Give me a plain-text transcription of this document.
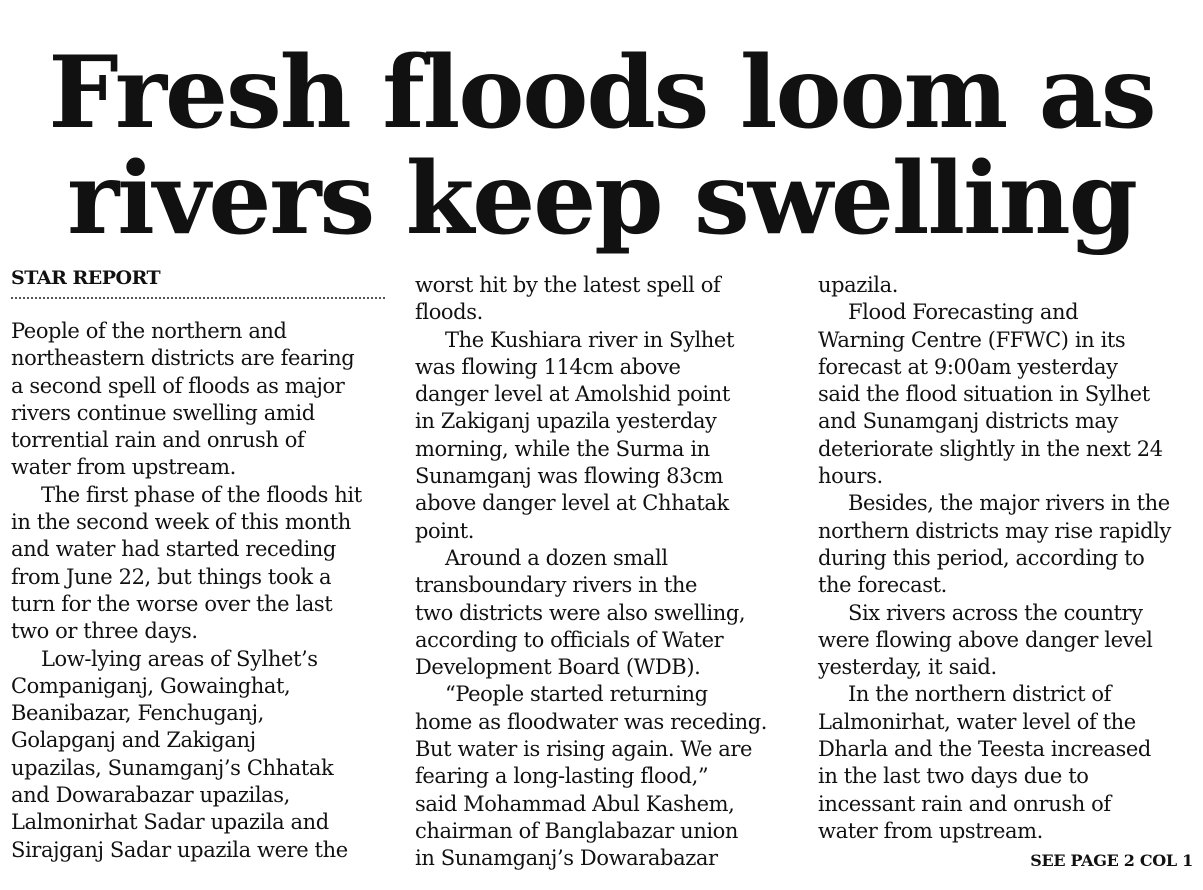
Fresh floods loom as
rivers keep swelling
STAR REPORT
People of the northern and
northeastern districts are fearing
a second spell of floods as major
rivers continue swelling amid
torrential rain and onrush of
water from upstream.
The first phase of the floods hit
in the second week of this month
and water had started receding
from June 22, but things took a
turn for the worse over the last
two or three days.
Low-lying areas of Sylhet’s
Companiganj, Gowainghat,
Beanibazar, Fenchuganj,
Golapganj and Zakiganj
upazilas, Sunamganj’s Chhatak
and Dowarabazar upazilas,
Lalmonirhat Sadar upazila and
Sirajganj Sadar upazila were the
worst hit by the latest spell of
floods.
The Kushiara river in Sylhet
was flowing 114cm above
danger level at Amolshid point
in Zakiganj upazila yesterday
morning, while the Surma in
Sunamganj was flowing 83cm
above danger level at Chhatak
point.
Around a dozen small
transboundary rivers in the
two districts were also swelling,
according to officials of Water
Development Board (WDB).
“People started returning
home as floodwater was receding.
But water is rising again. We are
fearing a long-lasting flood,”
said Mohammad Abul Kashem,
chairman of Banglabazar union
in Sunamganj’s Dowarabazar
upazila.
Flood Forecasting and
Warning Centre (FFWC) in its
forecast at 9:00am yesterday
said the flood situation in Sylhet
and Sunamganj districts may
deteriorate slightly in the next 24
hours.
Besides, the major rivers in the
northern districts may rise rapidly
during this period, according to
the forecast.
Six rivers across the country
were flowing above danger level
yesterday, it said.
In the northern district of
Lalmonirhat, water level of the
Dharla and the Teesta increased
in the last two days due to
incessant rain and onrush of
water from upstream.
SEE PAGE 2 COL 1
